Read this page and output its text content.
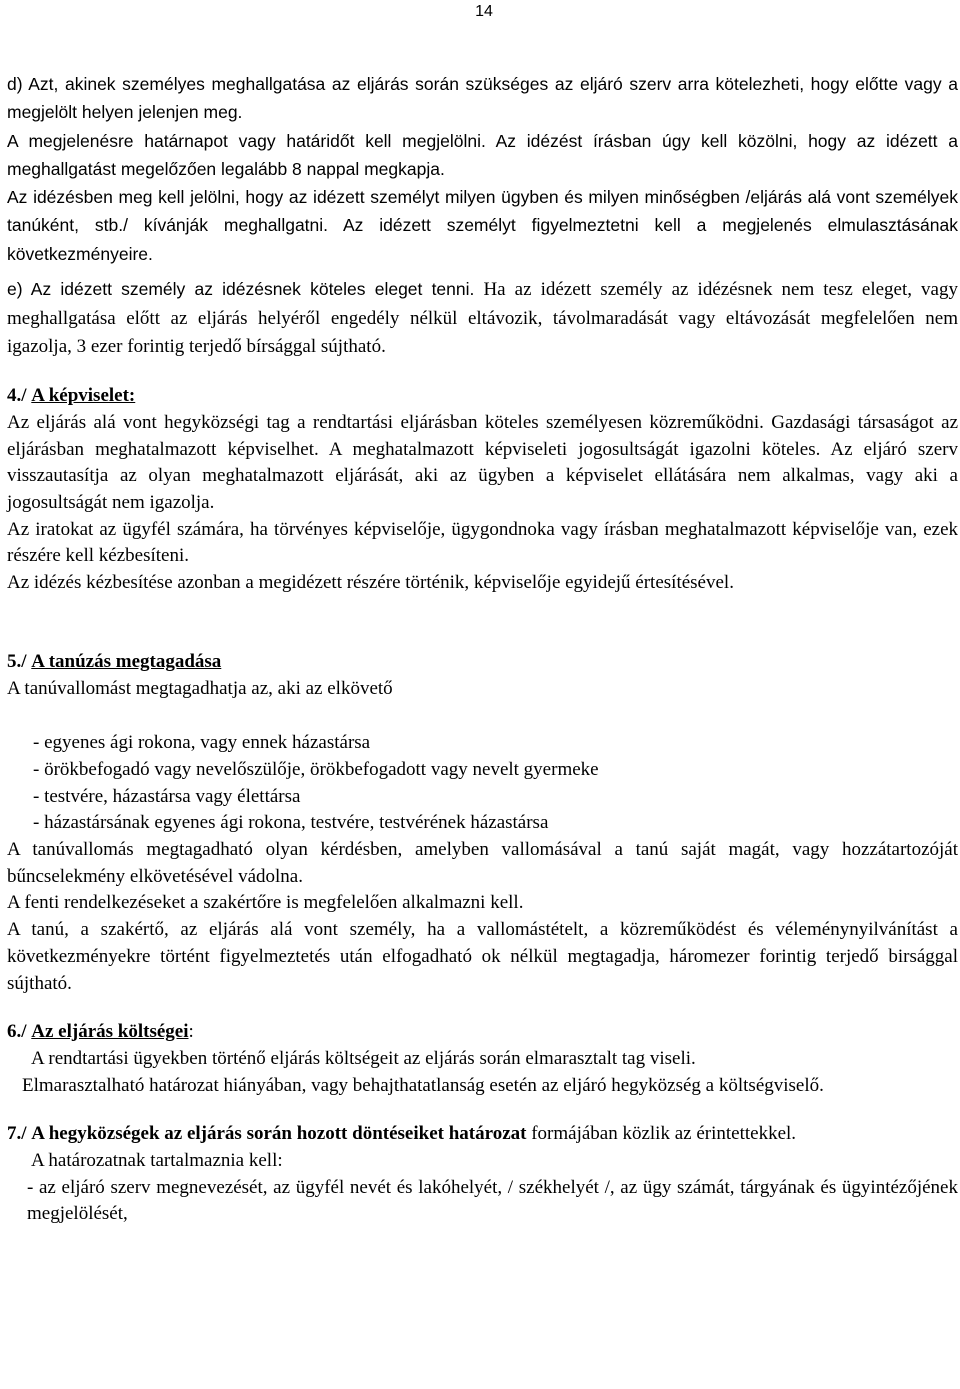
14

d) Azt, akinek személyes meghallgatása az eljárás során szükséges az eljáró szerv arra kötelezheti, hogy előtte vagy a megjelölt helyen jelenjen meg.

A megjelenésre határnapot vagy határidőt kell megjelölni. Az idézést írásban úgy kell közölni, hogy az idézett a meghallgatást megelőzően legalább 8 nappal megkapja.

Az idézésben meg kell jelölni, hogy az idézett személyt milyen ügyben és milyen minőségben /eljárás alá vont személyek tanúként, stb./ kívánják meghallgatni. Az idézett személyt figyelmeztetni kell a megjelenés elmulasztásának következményeire.

e) Az idézett személy az idézésnek köteles eleget tenni. Ha az idézett személy az idézésnek nem tesz eleget, vagy meghallgatása előtt az eljárás helyéről engedély nélkül eltávozik, távolmaradását vagy eltávozását megfelelően nem igazolja, 3 ezer forintig terjedő bírsággal sújtható.

4./ A képviselet:

Az eljárás alá vont hegyközségi tag a rendtartási eljárásban köteles személyesen közreműködni. Gazdasági társaságot az eljárásban meghatalmazott képviselhet. A meghatalmazott képviseleti jogosultságát igazolni köteles. Az eljáró szerv visszautasítja az olyan meghatalmazott eljárását, aki az ügyben a képviselet ellátására nem alkalmas, vagy aki a jogosultságát nem igazolja.

Az iratokat az ügyfél számára, ha törvényes képviselője, ügygondnoka vagy írásban meghatalmazott képviselője van, ezek részére kell kézbesíteni.

Az idézés kézbesítése azonban a megidézett részére történik, képviselője egyidejű értesítésével.

5./ A tanúzás megtagadása

A tanúvallomást megtagadhatja az, aki az elkövető

- egyenes ági rokona, vagy ennek házastársa
- örökbefogadó vagy nevelőszülője, örökbefogadott vagy nevelt gyermeke
- testvére, házastársa vagy élettársa
- házastársának egyenes ági rokona, testvére, testvérének házastársa

A tanúvallomás megtagadható olyan kérdésben, amelyben vallomásával a tanú saját magát, vagy hozzátartozóját bűncselekmény elkövetésével vádolna.

A fenti rendelkezéseket a szakértőre is megfelelően alkalmazni kell.

A tanú, a szakértő, az eljárás alá vont személy, ha a vallomástételt, a közreműködést és véleménynyilvánítást a következményekre történt figyelmeztetés után elfogadható ok nélkül megtagadja, háromezer forintig terjedő birsággal sújtható.

6./ Az eljárás költségei:

A rendtartási ügyekben történő eljárás költségeit az eljárás során elmarasztalt tag viseli.

Elmarasztalható határozat hiányában, vagy behajthatatlanság esetén az eljáró hegyközség a költségviselő.

7./ A hegyközségek az eljárás során hozott döntéseiket határozat formájában közlik az érintettekkel.

A határozatnak tartalmaznia kell:

- az eljáró szerv megnevezését, az ügyfél nevét és lakóhelyét, / székhelyét /, az ügy számát, tárgyának és ügyintézőjének megjelölését,
